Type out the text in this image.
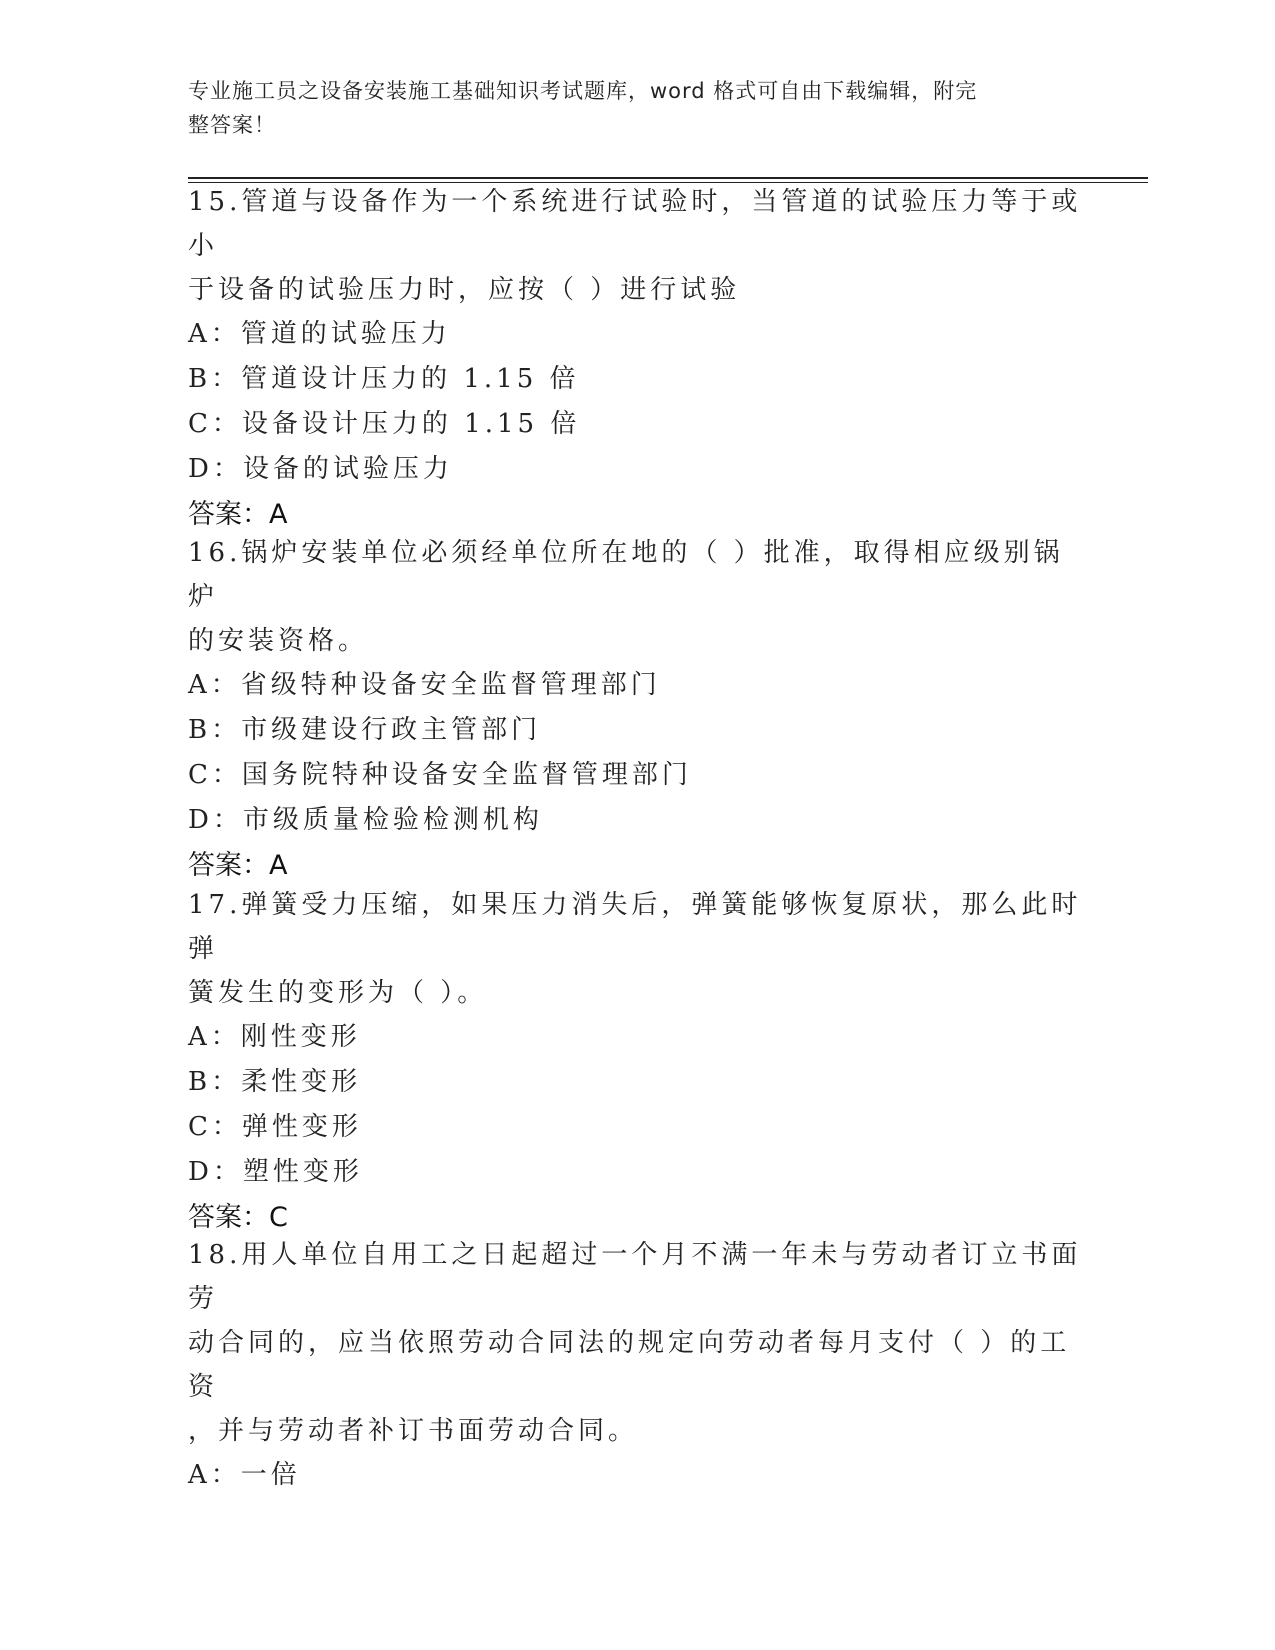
专业施工员之设备安装施工基础知识考试题库，word 格式可自由下载编辑，附完
整答案！

15.管道与设备作为一个系统进行试验时，当管道的试验压力等于或小

于设备的试验压力时，应按（ ）进行试验

A：管道的试验压力

B：管道设计压力的 1.15 倍

C：设备设计压力的 1.15 倍

D：设备的试验压力

答案：A

16.锅炉安装单位必须经单位所在地的（ ）批准，取得相应级别锅炉

的安装资格。

A：省级特种设备安全监督管理部门

B：市级建设行政主管部门

C：国务院特种设备安全监督管理部门

D：市级质量检验检测机构

答案：A

17.弹簧受力压缩，如果压力消失后，弹簧能够恢复原状，那么此时弹

簧发生的变形为（ ）。

A：刚性变形

B：柔性变形

C：弹性变形

D：塑性变形

答案：C

18.用人单位自用工之日起超过一个月不满一年未与劳动者订立书面劳

动合同的，应当依照劳动合同法的规定向劳动者每月支付（ ）的工资

，并与劳动者补订书面劳动合同。

A：一倍
